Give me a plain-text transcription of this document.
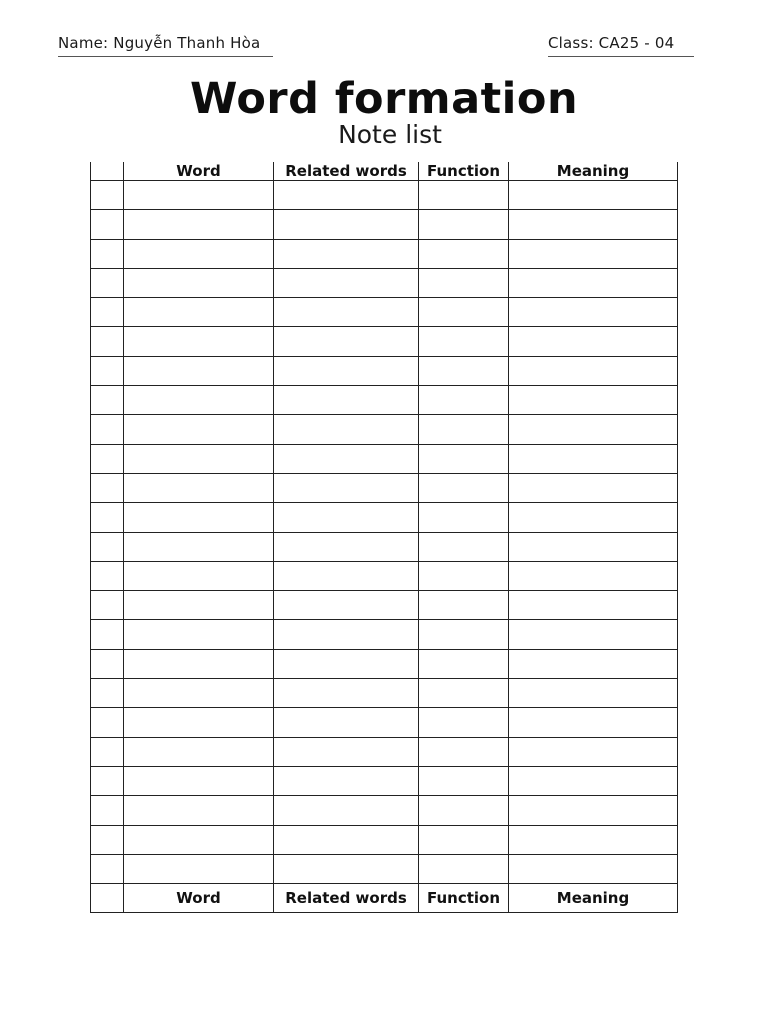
Name: Nguyễn Thanh Hòa	Class: CA25 - 04
Word formation
Note list
	Word	Related words	Function	Meaning

	Word	Related words	Function	Meaning
